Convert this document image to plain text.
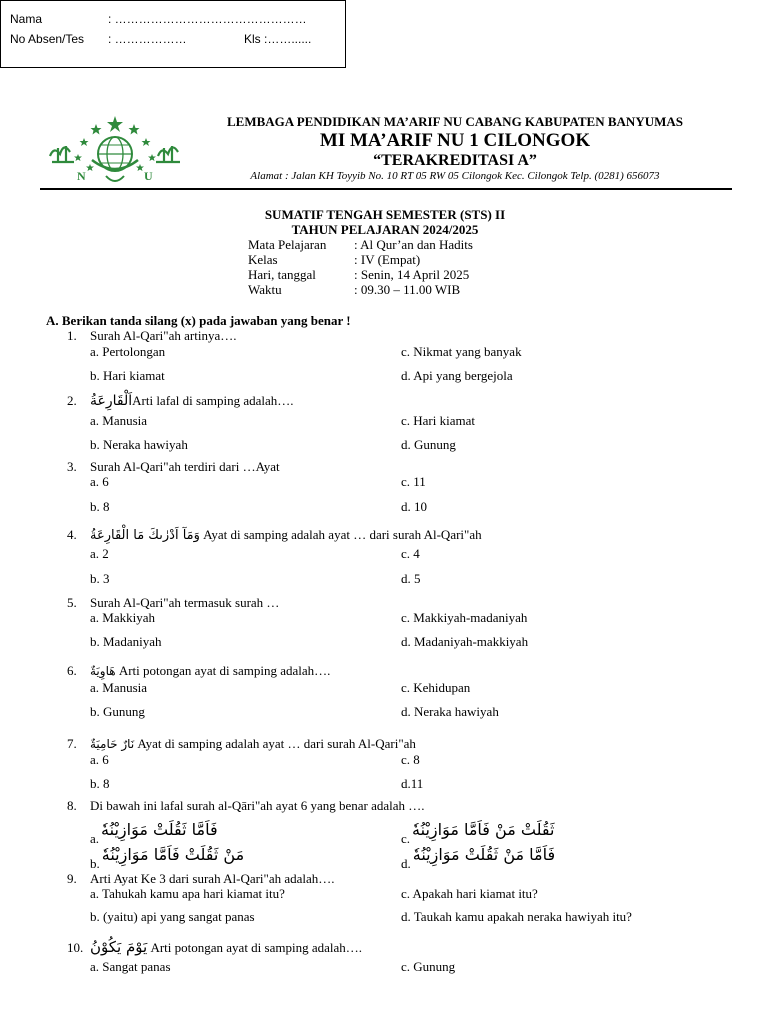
Nama	: …………………………………………
No Absen/Tes : ………………	Kls :……......
N	U
LEMBAGA PENDIDIKAN MA’ARIF NU CABANG KABUPATEN BANYUMAS
MI MA’ARIF NU 1 CILONGOK
“TERAKREDITASI A”
Alamat : Jalan KH Toyyib No. 10 RT 05 RW 05 Cilongok Kec. Cilongok Telp. (0281) 656073
SUMATIF TENGAH SEMESTER (STS) II
TAHUN PELAJARAN 2024/2025
Mata Pelajaran	: Al Qur’an dan Hadits
Kelas	: IV (Empat)
Hari, tanggal	: Senin, 14 April 2025
Waktu	: 09.30 – 11.00 WIB
A. Berikan tanda silang (x) pada jawaban yang benar !
1. Surah Al-Qari"ah artinya….
a. Pertolongan	c. Nikmat yang banyak
b. Hari kiamat	d. Api yang bergejola
2. اَلْقَارِعَةُArti lafal di samping adalah….
a. Manusia	c. Hari kiamat
b. Neraka hawiyah	d. Gunung
3. Surah Al-Qari"ah terdiri dari …Ayat
a. 6	c. 11
b. 8	d. 10
4. وَمَآ اَدْرٰىكَ مَا الْقَارِعَةُ Ayat di samping adalah ayat … dari surah Al-Qari"ah
a. 2	c. 4
b. 3	d. 5
5. Surah Al-Qari"ah termasuk surah …
a. Makkiyah	c. Makkiyah-madaniyah
b. Madaniyah	d. Madaniyah-makkiyah
6. هَاوِيَةٌ Arti potongan ayat di samping adalah….
a. Manusia	c. Kehidupan
b. Gunung	d. Neraka hawiyah
7. نَارٌ حَامِيَةٌ Ayat di samping adalah ayat … dari surah Al-Qari"ah
a. 6	c. 8
b. 8	d.11
8. Di bawah ini lafal surah al-Qāri"ah ayat 6 yang benar adalah ….
a. فَاَمَّا ثَقُلَتْ مَوَازِيْنُهٗ	c. ثَقُلَتْ مَنْ فَاَمَّا مَوَازِيْنُهٗ
b. مَنْ ثَقُلَتْ فَاَمَّا مَوَازِيْنُهٗ	d. فَاَمَّا مَنْ ثَقُلَتْ مَوَازِيْنُهٗ
9. Arti Ayat Ke 3 dari surah Al-Qari"ah adalah….
a. Tahukah kamu apa hari kiamat itu?	c. Apakah hari kiamat itu?
b. (yaitu) api yang sangat panas	d. Taukah kamu apakah neraka hawiyah itu?
10. يَوْمَ يَكُوْنُ Arti potongan ayat di samping adalah….
a. Sangat panas	c. Gunung
